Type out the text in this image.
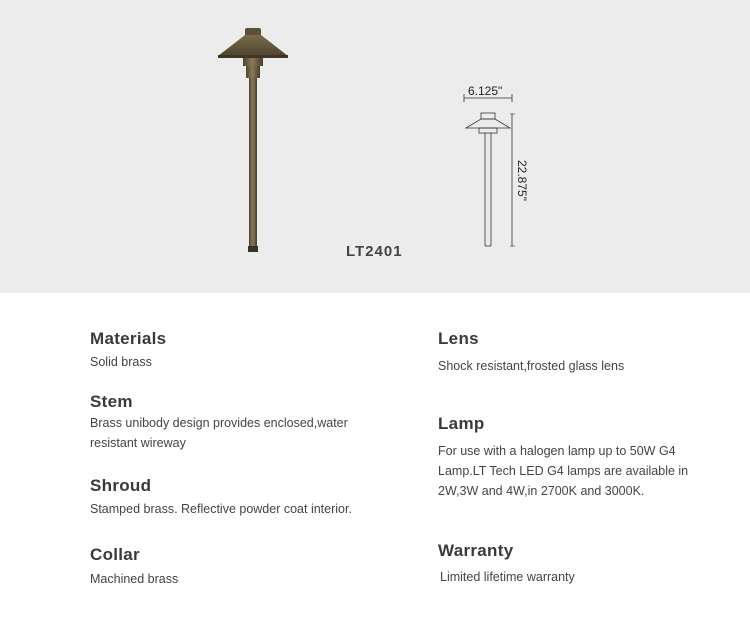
6.125"
22.875"
LT2401
Materials

Solid brass

Stem

Brass unibody design provides enclosed,water

resistant wireway

Shroud

Stamped brass. Reflective powder coat interior.

Collar

Machined brass

Lens

Shock resistant,frosted glass lens

Lamp

For use with a halogen lamp up to 50W G4

Lamp.LT Tech LED G4 lamps are available in

2W,3W and 4W,in 2700K and 3000K.

Warranty

Limited lifetime warranty
